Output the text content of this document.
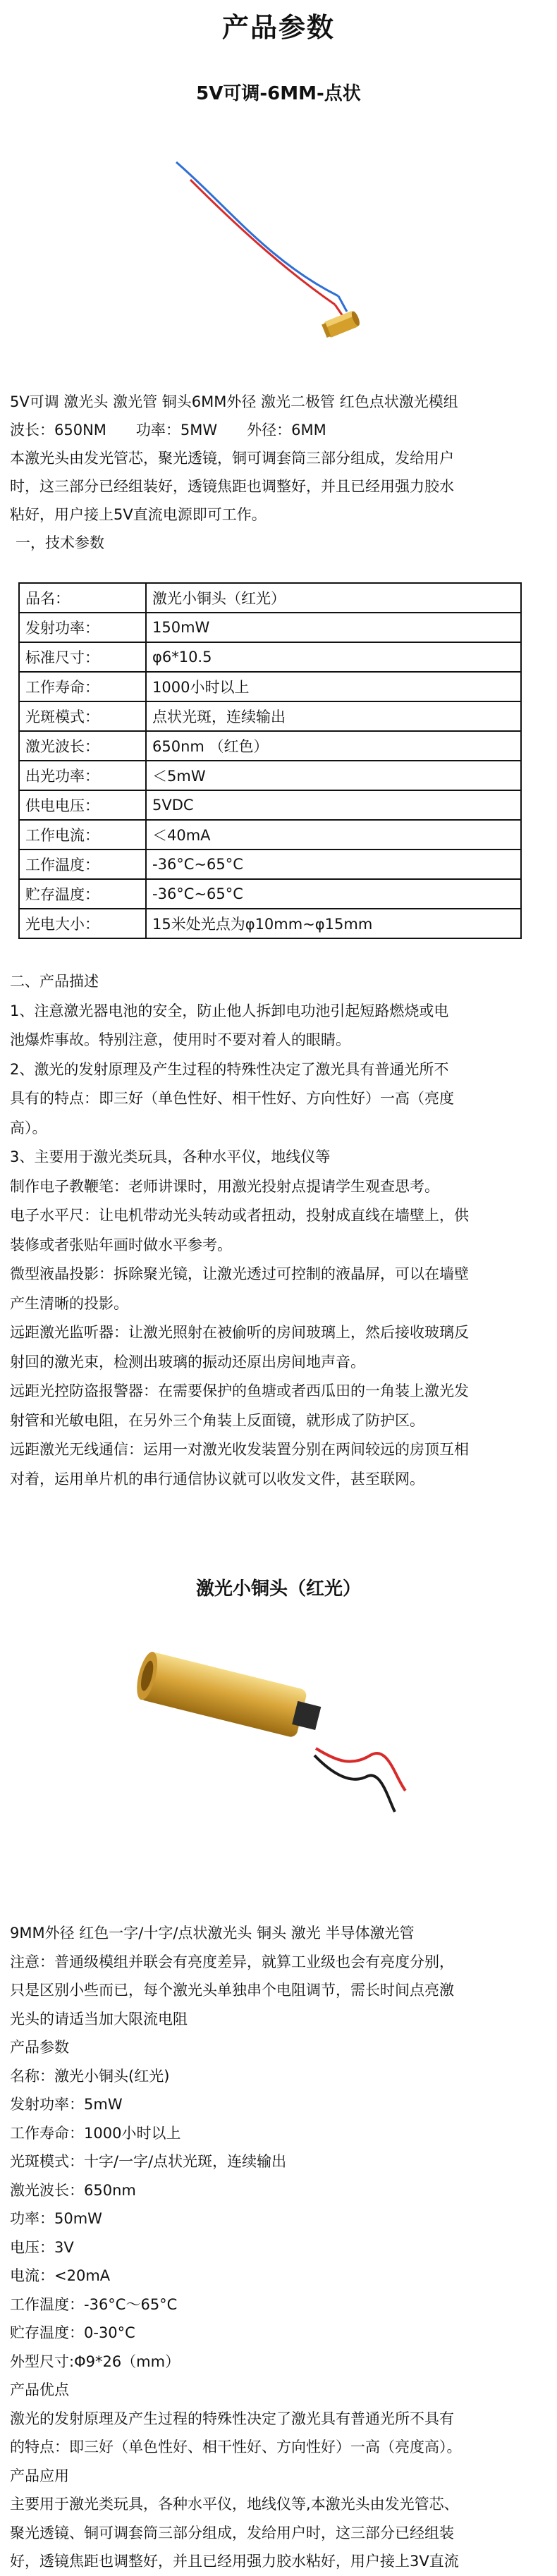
产品参数
5V可调-6MM-点状

5V可调 激光头 激光管 铜头6MM外径 激光二极管 红色点状激光模组

波长：650NM　　功率：5MW　　外径：6MM

本激光头由发光管芯，聚光透镜，铜可调套筒三部分组成，发给用户

时，这三部分已经组装好，透镜焦距也调整好，并且已经用强力胶水

粘好，用户接上5V直流电源即可工作。

一，技术参数

品名：	激光小铜头（红光）
发射功率：	150mW
标准尺寸：	φ6*10.5
工作寿命：	1000小时以上
光斑模式：	点状光斑，连续输出
激光波长：	650nm （红色）
出光功率：	＜5mW
供电电压：	5VDC
工作电流：	＜40mA
工作温度：	-36°C~65°C
贮存温度：	-36°C~65°C
光电大小：	15米处光点为φ10mm~φ15mm

二、产品描述

1、注意激光器电池的安全，防止他人拆卸电功池引起短路燃烧或电

池爆炸事故。特别注意，使用时不要对着人的眼睛。

2、激光的发射原理及产生过程的特殊性决定了激光具有普通光所不

具有的特点：即三好（单色性好、相干性好、方向性好）一高（亮度

高）。

3、主要用于激光类玩具，各种水平仪，地线仪等

制作电子教鞭笔：老师讲课时，用激光投射点提请学生观查思考。

电子水平尺：让电机带动光头转动或者扭动，投射成直线在墙壁上，供

装修或者张贴年画时做水平参考。

微型液晶投影：拆除聚光镜，让激光透过可控制的液晶屏，可以在墙壁

产生清晰的投影。

远距激光监听器：让激光照射在被偷听的房间玻璃上，然后接收玻璃反

射回的激光束，检测出玻璃的振动还原出房间地声音。

远距光控防盗报警器：在需要保护的鱼塘或者西瓜田的一角装上激光发

射管和光敏电阻，在另外三个角装上反面镜，就形成了防护区。

远距激光无线通信：运用一对激光收发装置分别在两间较远的房顶互相

对着，运用单片机的串行通信协议就可以收发文件，甚至联网。

激光小铜头（红光）

9MM外径 红色一字/十字/点状激光头 铜头 激光 半导体激光管

注意：普通级模组并联会有亮度差异，就算工业级也会有亮度分别，

只是区别小些而已，每个激光头单独串个电阻调节，需长时间点亮激

光头的请适当加大限流电阻

产品参数

名称：激光小铜头(红光)

发射功率：5mW

工作寿命：1000小时以上

光斑模式：十字/一字/点状光斑，连续输出

激光波长：650nm

功率：50mW

电压：3V

电流：<20mA

工作温度：-36°C～65°C

贮存温度：0-30°C

外型尺寸:Φ9*26（mm）

产品优点

激光的发射原理及产生过程的特殊性决定了激光具有普通光所不具有

的特点：即三好（单色性好、相干性好、方向性好）一高（亮度高）。

产品应用

主要用于激光类玩具，各种水平仪，地线仪等,本激光头由发光管芯、

聚光透镜、铜可调套筒三部分组成，发给用户时，这三部分已经组装

好，透镜焦距也调整好，并且已经用强力胶水粘好，用户接上3V直流
